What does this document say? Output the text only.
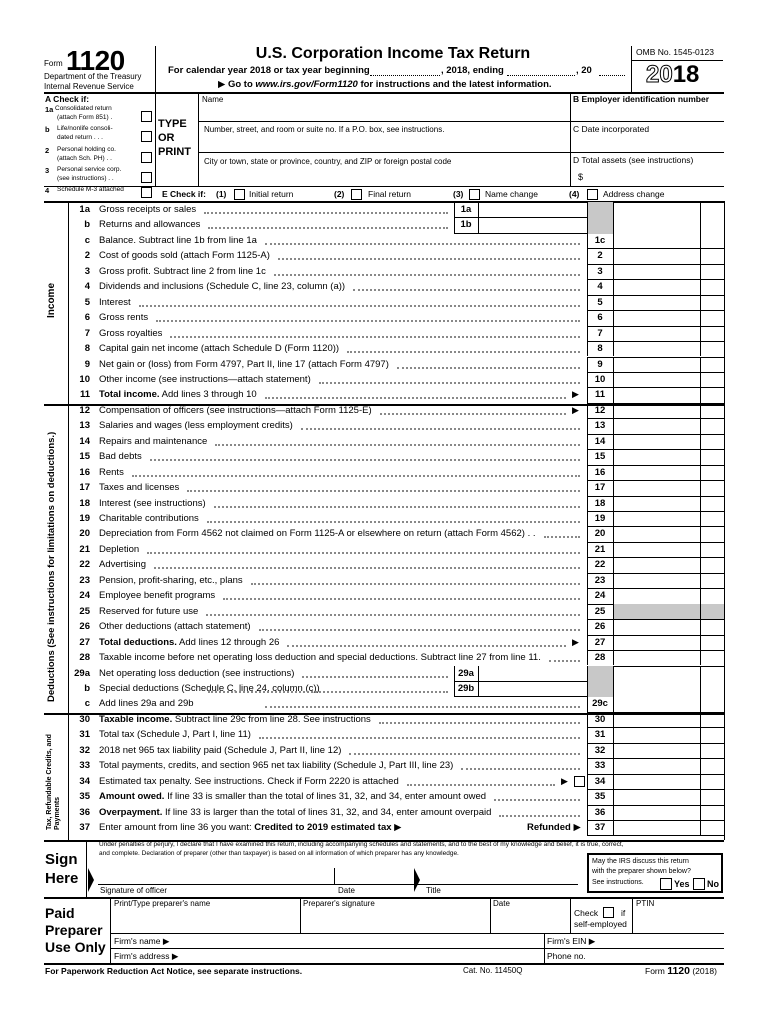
Form 1120
Department of the Treasury
Internal Revenue Service
U.S. Corporation Income Tax Return
For calendar year 2018 or tax year beginning	, 2018, ending	, 20
▶ Go to www.irs.gov/Form1120 for instructions and the latest information.
OMB No. 1545-0123
2018
A Check if:
1a Consolidated return
(attach Form 851) .
b Life/nonlife consoli-
dated return . . .
2 Personal holding co.
(attach Sch. PH) . .
3 Personal service corp.
(see instructions) . .
4 Schedule M-3 attached
TYPE
OR
PRINT
Name
Number, street, and room or suite no. If a P.O. box, see instructions.
City or town, state or province, country, and ZIP or foreign postal code
B Employer identification number
C Date incorporated
D Total assets (see instructions)
$
E Check if: (1)	Initial return	(2)	Final return	(3)	Name change	(4)	Address change
1a Gross receipts or sales	1a
b Returns and allowances	1b
c Balance. Subtract line 1b from line 1a	1c
2 Cost of goods sold (attach Form 1125-A)	2
3 Gross profit. Subtract line 2 from line 1c	3
4 Dividends and inclusions (Schedule C, line 23, column (a))	4
5 Interest	5
6 Gross rents	6
7 Gross royalties	7
8 Capital gain net income (attach Schedule D (Form 1120))	8
9 Net gain or (loss) from Form 4797, Part II, line 17 (attach Form 4797)	9
10 Other income (see instructions—attach statement)	10
11 Total income. Add lines 3 through 10	11
▶
12 Compensation of officers (see instructions—attach Form 1125-E)	12
▶
13 Salaries and wages (less employment credits)	13
14 Repairs and maintenance	14
15 Bad debts	15
16 Rents	16
17 Taxes and licenses	17
18 Interest (see instructions)	18
19 Charitable contributions	19
20 Depreciation from Form 4562 not claimed on Form 1125-A or elsewhere on return (attach Form 4562) . .	20
21 Depletion	21
22 Advertising	22
23 Pension, profit-sharing, etc., plans	23
24 Employee benefit programs	24
25 Reserved for future use	25
26 Other deductions (attach statement)	26
27 Total deductions. Add lines 12 through 26	27
▶
28 Taxable income before net operating loss deduction and special deductions. Subtract line 27 from line 11.	28
29a Net operating loss deduction (see instructions)	29a
b Special deductions (Schedule C, line 24, column (c))	29b
c Add lines 29a and 29b	29c
30 Taxable income. Subtract line 29c from line 28. See instructions	30
31 Total tax (Schedule J, Part I, line 11)	31
32 2018 net 965 tax liability paid (Schedule J, Part II, line 12)	32
33 Total payments, credits, and section 965 net tax liability (Schedule J, Part III, line 23)	33
34 Estimated tax penalty. See instructions. Check if Form 2220 is attached	34
▶
35 Amount owed. If line 33 is smaller than the total of lines 31, 32, and 34, enter amount owed	35
36 Overpayment. If line 33 is larger than the total of lines 31, 32, and 34, enter amount overpaid	36
37 Enter amount from line 36 you want: Credited to 2019 estimated tax ▶	37
Refunded ▶
Income
Deductions (See instructions for limitations on deductions.)
Tax, Refundable Credits, and Payments
Sign
Here
Under penalties of perjury, I declare that I have examined this return, including accompanying schedules and statements, and to the best of my knowledge and belief, it is true, correct,
and complete. Declaration of preparer (other than taxpayer) is based on all information of which preparer has any knowledge.
Signature of officer	Date	Title
May the IRS discuss this return
with the preparer shown below?
See instructions.	Yes No
Paid
Preparer
Use Only
Print/Type preparer's name	Preparer's signature	Date
Check	if
self-employed
PTIN
Firm's name ▶	Firm's EIN ▶
Firm's address ▶	Phone no.
For Paperwork Reduction Act Notice, see separate instructions.	Cat. No. 11450Q	Form 1120 (2018)
